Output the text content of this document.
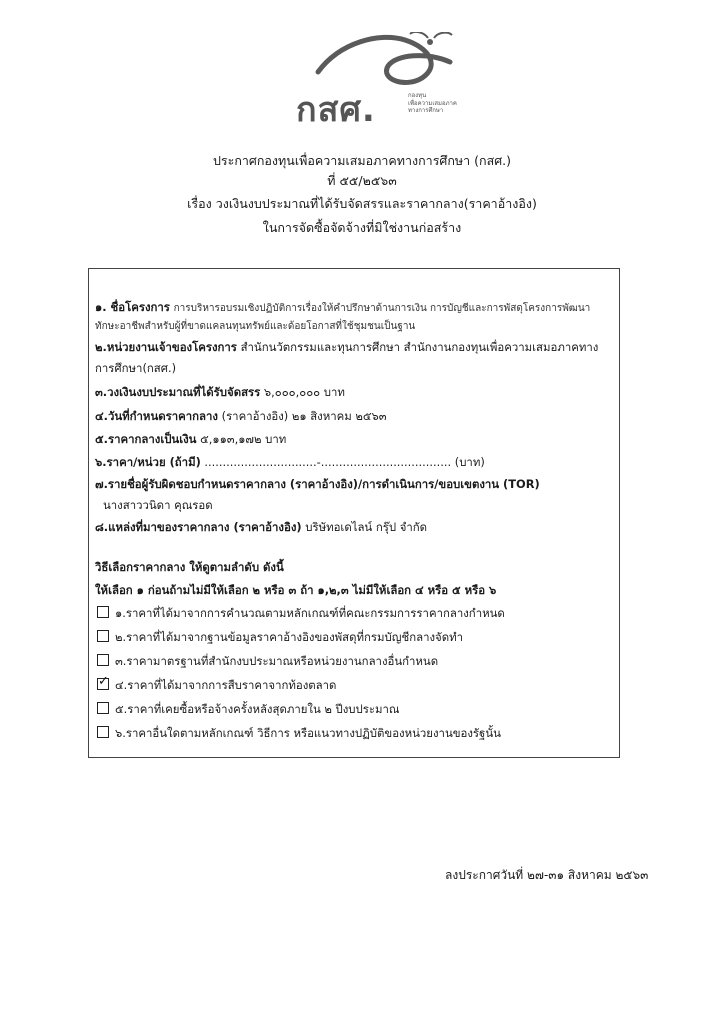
กสศ.	กองทุน
เพื่อความเสมอภาค
ทางการศึกษา
ประกาศกองทุนเพื่อความเสมอภาคทางการศึกษา (กสศ.)
ที่ ๕๕/๒๕๖๓
เรื่อง วงเงินงบประมาณที่ได้รับจัดสรรและราคากลาง(ราคาอ้างอิง)
ในการจัดซื้อจัดจ้างที่มิใช่งานก่อสร้าง
๑. ชื่อโครงการ การบริหารอบรมเชิงปฏิบัติการเรื่องให้คำปรึกษาด้านการเงิน การบัญชีและการพัสดุโครงการพัฒนา
ทักษะอาชีพสำหรับผู้ที่ขาดแคลนทุนทรัพย์และด้อยโอกาสที่ใช้ชุมชนเป็นฐาน
๒.หน่วยงานเจ้าของโครงการ สำนักนวัตกรรมและทุนการศึกษา สำนักงานกองทุนเพื่อความเสมอภาคทาง
การศึกษา(กสศ.)
๓.วงเงินงบประมาณที่ได้รับจัดสรร ๖,๐๐๐,๐๐๐ บาท
๔.วันที่กำหนดราคากลาง (ราคาอ้างอิง) ๒๑ สิงหาคม ๒๕๖๓
๕.ราคากลางเป็นเงิน ๕,๑๑๓,๑๗๒ บาท
๖.ราคา/หน่วย (ถ้ามี) ...............................-.................................... (บาท)
๗.รายชื่อผู้รับผิดชอบกำหนดราคากลาง (ราคาอ้างอิง)/การดำเนินการ/ขอบเขตงาน (TOR)
นางสาววนิดา คุณรอด
๘.แหล่งที่มาของราคากลาง (ราคาอ้างอิง) บริษัทอเดไลน์ กรุ๊ป จำกัด
วิธีเลือกราคากลาง ให้ดูตามลำดับ ดังนี้
ให้เลือก ๑ ก่อนถ้ามไม่มีให้เลือก ๒ หรือ ๓ ถ้า ๑,๒,๓ ไม่มีให้เลือก ๔ หรือ ๕ หรือ ๖
๑.ราคาที่ได้มาจากการคำนวณตามหลักเกณฑ์ที่คณะกรรมการราคากลางกำหนด
๒.ราคาที่ได้มาจากฐานข้อมูลราคาอ้างอิงของพัสดุที่กรมบัญชีกลางจัดทำ
๓.ราคามาตรฐานที่สำนักงบประมาณหรือหน่วยงานกลางอื่นกำหนด
✓๔.ราคาที่ได้มาจากการสืบราคาจากท้องตลาด
๕.ราคาที่เคยซื้อหรือจ้างครั้งหลังสุดภายใน ๒ ปีงบประมาณ
๖.ราคาอื่นใดตามหลักเกณฑ์ วิธีการ หรือแนวทางปฏิบัติของหน่วยงานของรัฐนั้น
ลงประกาศวันที่ ๒๗-๓๑ สิงหาคม ๒๕๖๓
